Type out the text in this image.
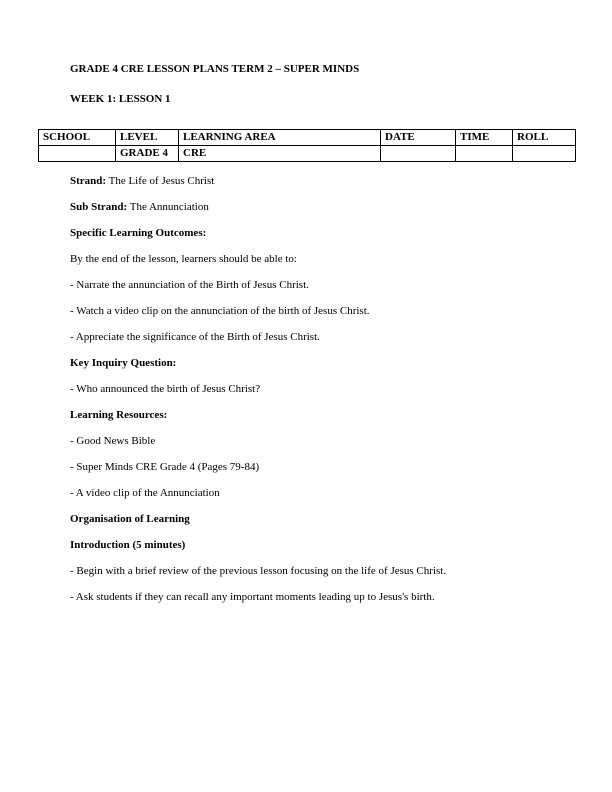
GRADE 4 CRE LESSON PLANS TERM 2 – SUPER MINDS

WEEK 1: LESSON 1

SCHOOL	LEVEL	LEARNING AREA	DATE	TIME	ROLL
	GRADE 4	CRE			

Strand: The Life of Jesus Christ

Sub Strand: The Annunciation

Specific Learning Outcomes:

By the end of the lesson, learners should be able to:

- Narrate the annunciation of the Birth of Jesus Christ.

- Watch a video clip on the annunciation of the birth of Jesus Christ.

- Appreciate the significance of the Birth of Jesus Christ.

Key Inquiry Question:

- Who announced the birth of Jesus Christ?

Learning Resources:

- Good News Bible

- Super Minds CRE Grade 4 (Pages 79-84)

- A video clip of the Annunciation

Organisation of Learning

Introduction (5 minutes)

- Begin with a brief review of the previous lesson focusing on the life of Jesus Christ.

- Ask students if they can recall any important moments leading up to Jesus's birth.
